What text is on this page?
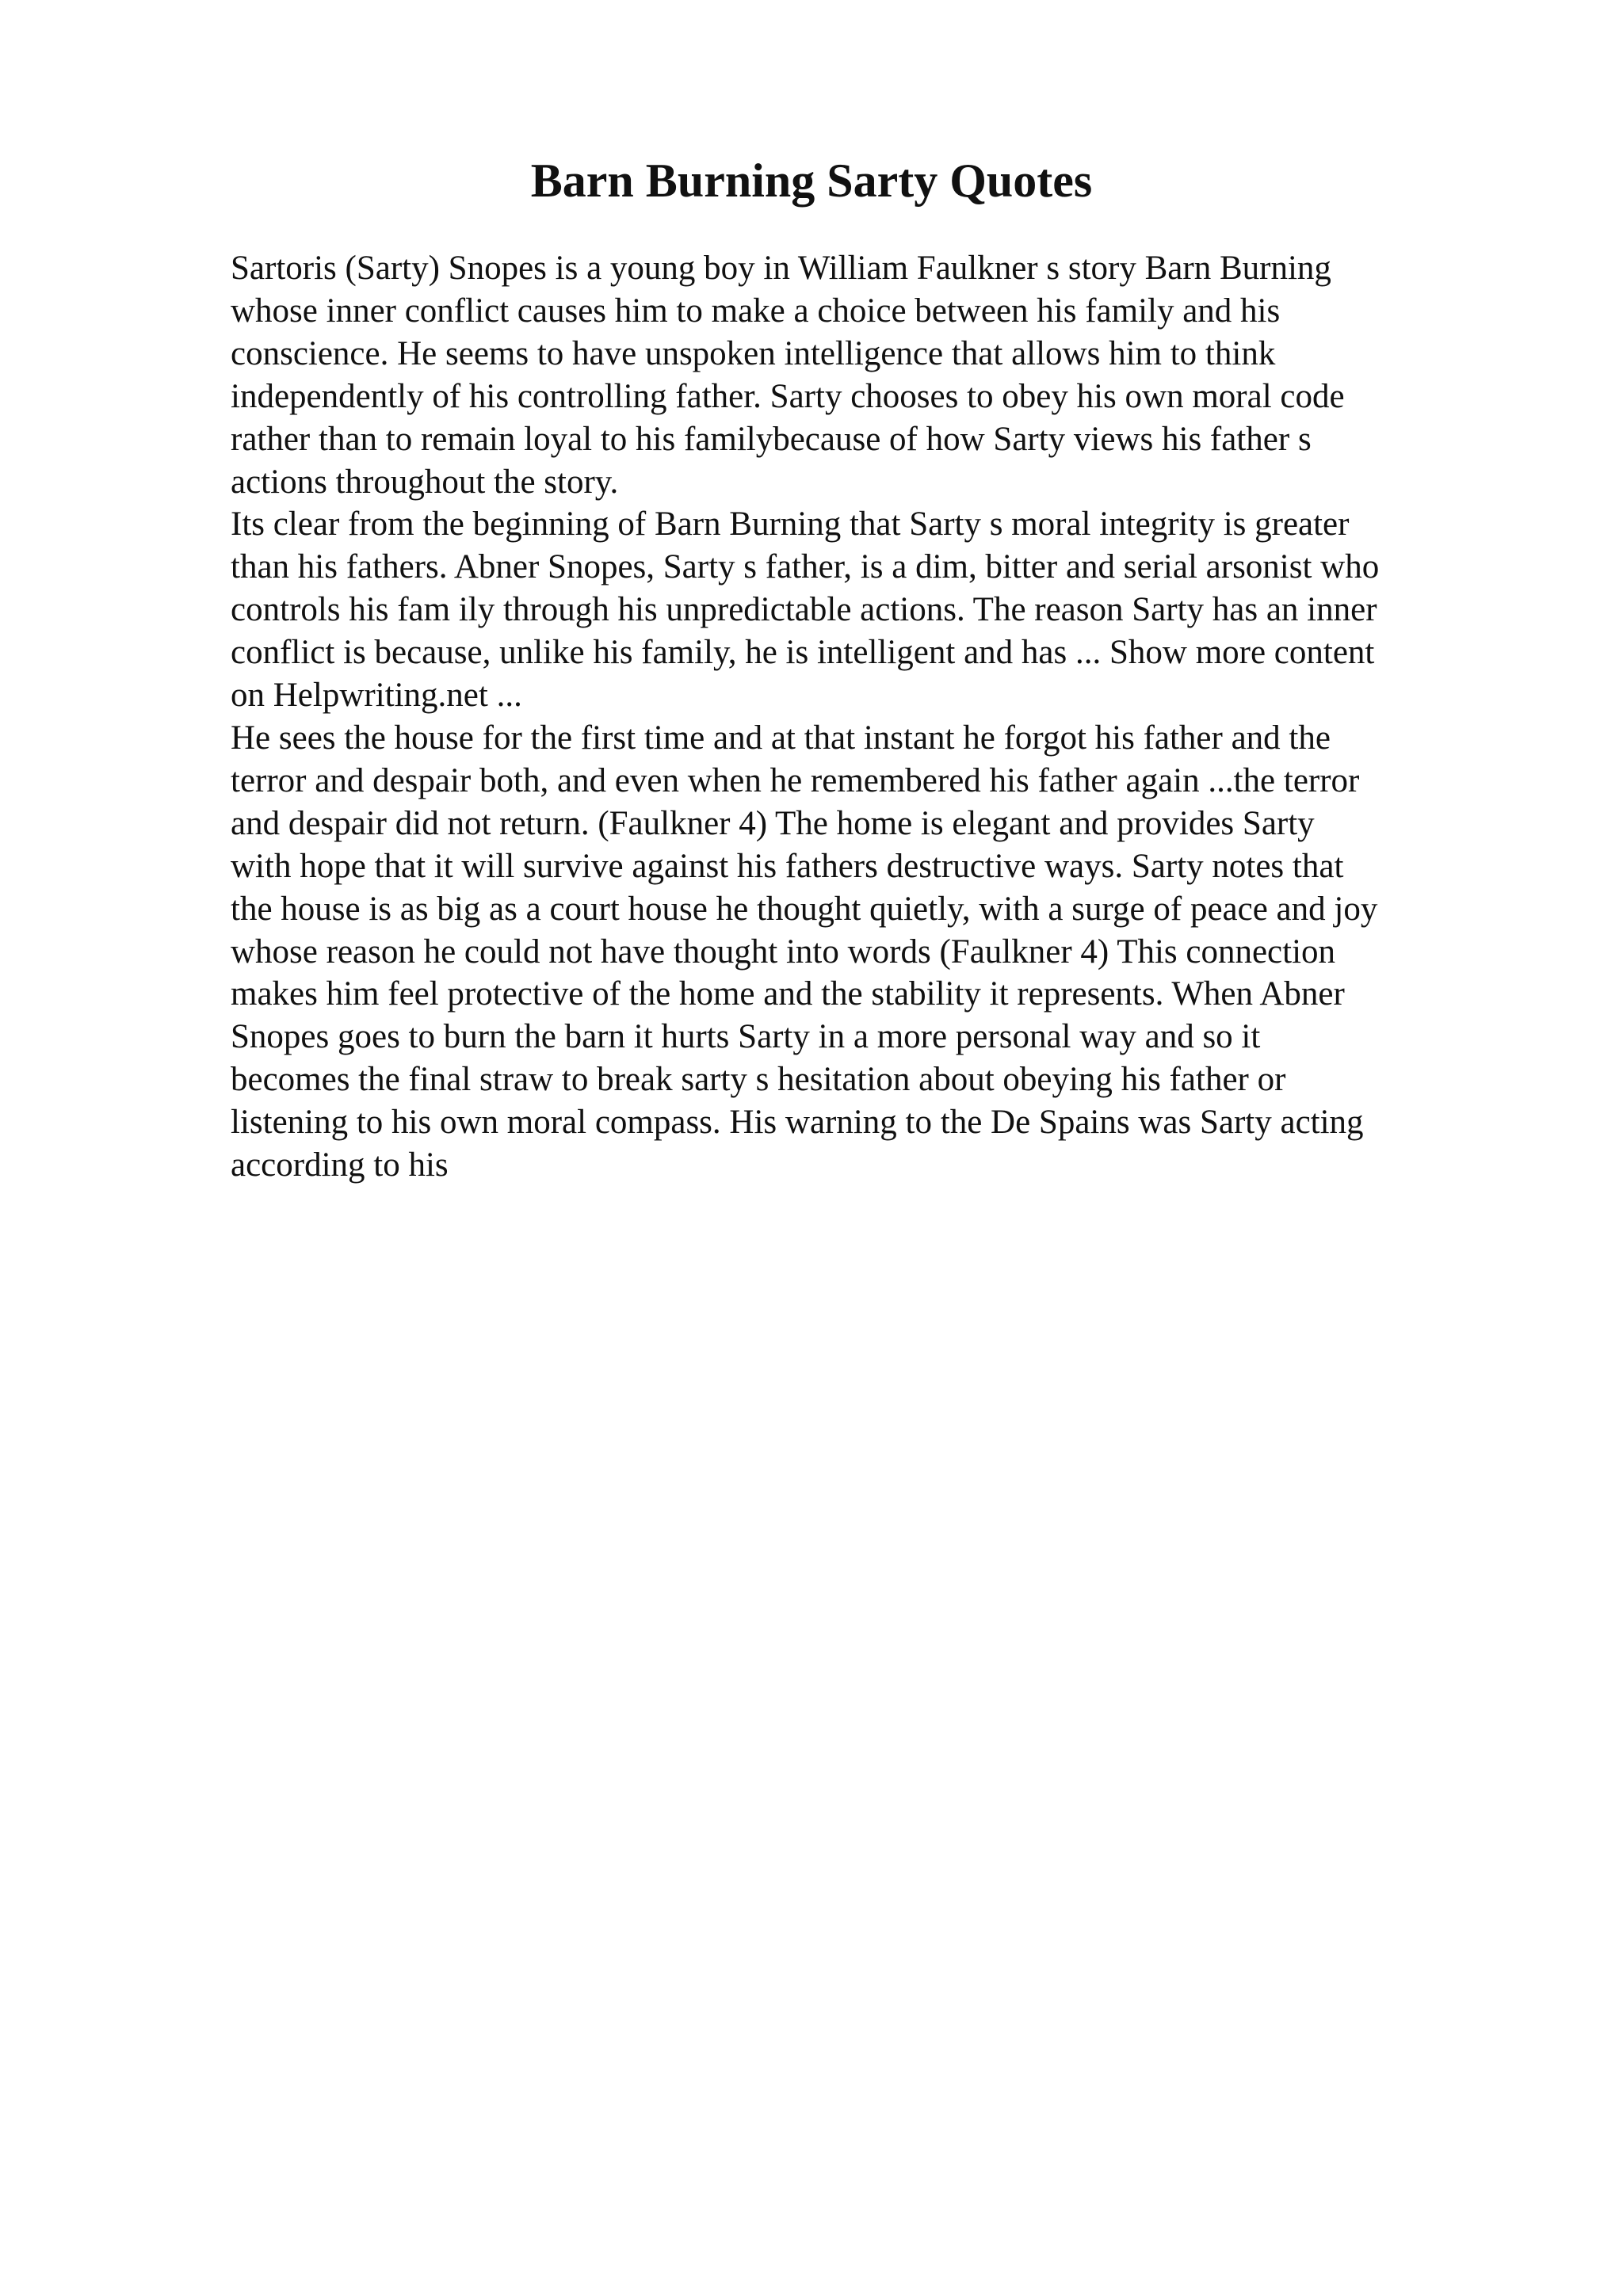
Barn Burning Sarty Quotes
Sartoris (Sarty) Snopes is a young boy in William Faulkner s story Barn Burning
whose inner conflict causes him to make a choice between his family and his
conscience. He seems to have unspoken intelligence that allows him to think
independently of his controlling father. Sarty chooses to obey his own moral code
rather than to remain loyal to his familybecause of how Sarty views his father s
actions throughout the story.
Its clear from the beginning of Barn Burning that Sarty s moral integrity is greater
than his fathers. Abner Snopes, Sarty s father, is a dim, bitter and serial arsonist who
controls his fam ily through his unpredictable actions. The reason Sarty has an inner
conflict is because, unlike his family, he is intelligent and has ... Show more content
on Helpwriting.net ...
He sees the house for the first time and at that instant he forgot his father and the
terror and despair both, and even when he remembered his father again ...the terror
and despair did not return. (Faulkner 4) The home is elegant and provides Sarty
with hope that it will survive against his fathers destructive ways. Sarty notes that
the house is as big as a court house he thought quietly, with a surge of peace and joy
whose reason he could not have thought into words (Faulkner 4) This connection
makes him feel protective of the home and the stability it represents. When Abner
Snopes goes to burn the barn it hurts Sarty in a more personal way and so it
becomes the final straw to break sarty s hesitation about obeying his father or
listening to his own moral compass. His warning to the De Spains was Sarty acting
according to his
